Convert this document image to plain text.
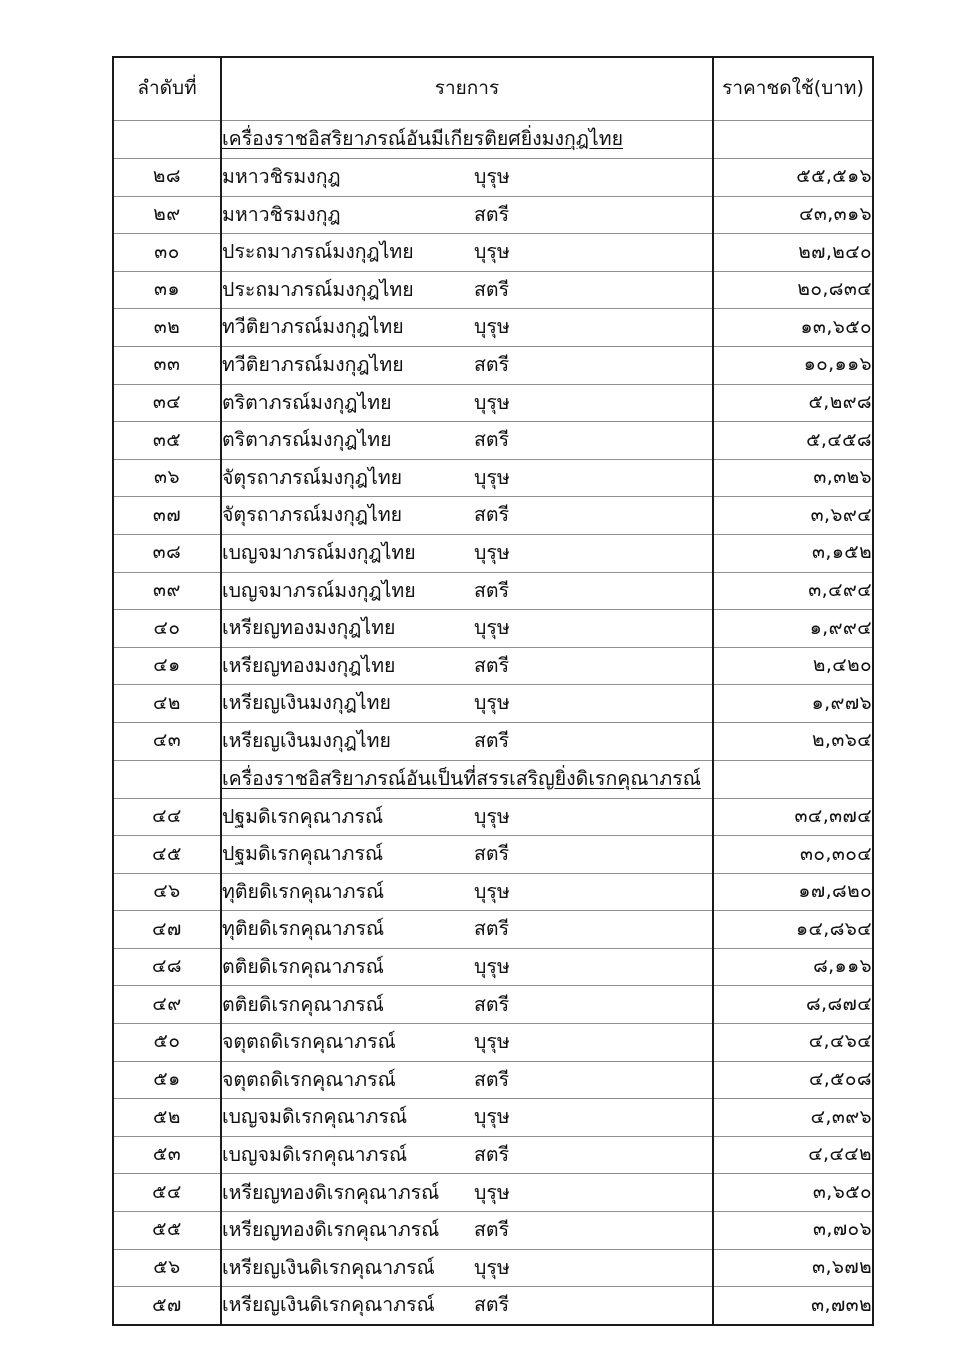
ลำดับที่	รายการ	ราคาชดใช้(บาท)
	เครื่องราชอิสริยาภรณ์อันมีเกียรติยศยิ่งมงกุฎไทย	
๒๘	มหาวชิรมงกุฎ บุรุษ	๕๕,๕๑๖
๒๙	มหาวชิรมงกุฎ สตรี	๔๓,๓๑๖
๓๐	ประถมาภรณ์มงกุฎไทย บุรุษ	๒๗,๒๔๐
๓๑	ประถมาภรณ์มงกุฎไทย สตรี	๒๐,๘๓๔
๓๒	ทวีติยาภรณ์มงกุฎไทย บุรุษ	๑๓,๖๕๐
๓๓	ทวีติยาภรณ์มงกุฎไทย สตรี	๑๐,๑๑๖
๓๔	ตริตาภรณ์มงกุฎไทย บุรุษ	๕,๒๙๘
๓๕	ตริตาภรณ์มงกุฎไทย สตรี	๕,๔๕๘
๓๖	จัตุรถาภรณ์มงกุฎไทย บุรุษ	๓,๓๒๖
๓๗	จัตุรถาภรณ์มงกุฎไทย สตรี	๓,๖๙๔
๓๘	เบญจมาภรณ์มงกุฎไทย บุรุษ	๓,๑๕๒
๓๙	เบญจมาภรณ์มงกุฎไทย สตรี	๓,๔๙๔
๔๐	เหรียญทองมงกุฎไทย บุรุษ	๑,๙๙๔
๔๑	เหรียญทองมงกุฎไทย สตรี	๒,๔๒๐
๔๒	เหรียญเงินมงกุฎไทย บุรุษ	๑,๙๗๖
๔๓	เหรียญเงินมงกุฎไทย สตรี	๒,๓๖๔
	เครื่องราชอิสริยาภรณ์อันเป็นที่สรรเสริญยิ่งดิเรกคุณาภรณ์	
๔๔	ปฐมดิเรกคุณาภรณ์ บุรุษ	๓๔,๓๗๔
๔๕	ปฐมดิเรกคุณาภรณ์ สตรี	๓๐,๓๐๔
๔๖	ทุติยดิเรกคุณาภรณ์ บุรุษ	๑๗,๘๒๐
๔๗	ทุติยดิเรกคุณาภรณ์ สตรี	๑๔,๘๖๔
๔๘	ตติยดิเรกคุณาภรณ์ บุรุษ	๘,๑๑๖
๔๙	ตติยดิเรกคุณาภรณ์ สตรี	๘,๘๗๔
๕๐	จตุตถดิเรกคุณาภรณ์ บุรุษ	๔,๔๖๔
๕๑	จตุตถดิเรกคุณาภรณ์ สตรี	๔,๕๐๘
๕๒	เบญจมดิเรกคุณาภรณ์ บุรุษ	๔,๓๙๖
๕๓	เบญจมดิเรกคุณาภรณ์ สตรี	๔,๔๔๒
๕๔	เหรียญทองดิเรกคุณาภรณ์ บุรุษ	๓,๖๕๐
๕๕	เหรียญทองดิเรกคุณาภรณ์ สตรี	๓,๗๐๖
๕๖	เหรียญเงินดิเรกคุณาภรณ์ บุรุษ	๓,๖๗๒
๕๗	เหรียญเงินดิเรกคุณาภรณ์ สตรี	๓,๗๓๒
